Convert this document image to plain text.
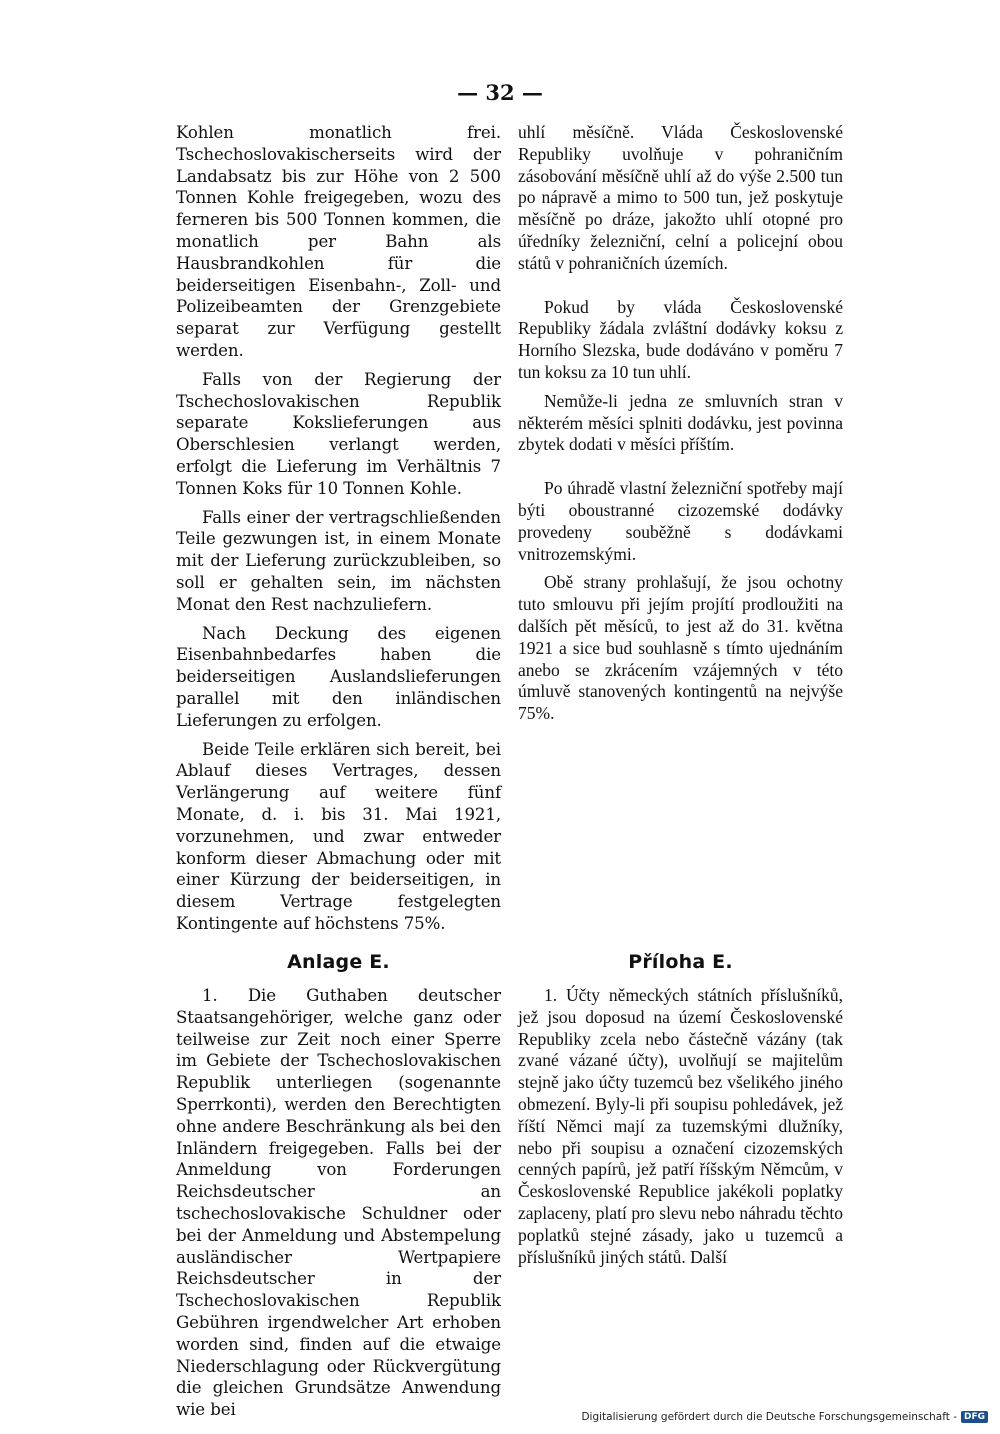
— 32 —

Kohlen monatlich frei. Tschechoslovakischerseits wird der Landabsatz bis zur Höhe von 2 500 Tonnen Kohle freigegeben, wozu des ferneren bis 500 Tonnen kommen, die monatlich per Bahn als Hausbrandkohlen für die beiderseitigen Eisenbahn-, Zoll- und Polizeibeamten der Grenzgebiete separat zur Verfügung gestellt werden.

Falls von der Regierung der Tschechoslovakischen Republik separate Kokslieferungen aus Oberschlesien verlangt werden, erfolgt die Lieferung im Verhältnis 7 Tonnen Koks für 10 Tonnen Kohle.

Falls einer der vertragschließenden Teile gezwungen ist, in einem Monate mit der Lieferung zurückzubleiben, so soll er gehalten sein, im nächsten Monat den Rest nachzuliefern.

Nach Deckung des eigenen Eisenbahnbedarfes haben die beiderseitigen Auslandslieferungen parallel mit den inländischen Lieferungen zu erfolgen.

Beide Teile erklären sich bereit, bei Ablauf dieses Vertrages, dessen Verlängerung auf weitere fünf Monate, d. i. bis 31. Mai 1921, vorzunehmen, und zwar entweder konform dieser Abmachung oder mit einer Kürzung der beiderseitigen, in diesem Vertrage festgelegten Kontingente auf höchstens 75%.

uhlí měsíčně. Vláda Československé Republiky uvolňuje v pohraničním zásobování měsíčně uhlí až do výše 2.500 tun po nápravě a mimo to 500 tun, jež poskytuje měsíčně po dráze, jakožto uhlí otopné pro úředníky železniční, celní a policejní obou států v pohraničních územích.

Pokud by vláda Československé Republiky žádala zvláštní dodávky koksu z Horního Slezska, bude dodáváno v poměru 7 tun koksu za 10 tun uhlí.

Nemůže-li jedna ze smluvních stran v některém měsíci splniti dodávku, jest povinna zbytek dodati v měsíci příštím.

Po úhradě vlastní železniční spotřeby mají býti oboustranné cizozemské dodávky provedeny souběžně s dodávkami vnitrozemskými.

Obě strany prohlašují, že jsou ochotny tuto smlouvu při jejím projítí prodloužiti na dalších pět měsíců, to jest až do 31. května 1921 a sice bud souhlasně s tímto ujednáním anebo se zkrácením vzájemných v této úmluvě stanovených kontingentů na nejvýše 75%.

Anlage E.	Příloha E.

1. Die Guthaben deutscher Staatsangehöriger, welche ganz oder teilweise zur Zeit noch einer Sperre im Gebiete der Tschechoslovakischen Republik unterliegen (sogenannte Sperrkonti), werden den Berechtigten ohne andere Beschränkung als bei den Inländern freigegeben. Falls bei der Anmeldung von Forderungen Reichsdeutscher an tschechoslovakische Schuldner oder bei der Anmeldung und Abstempelung ausländischer Wertpapiere Reichsdeutscher in der Tschechoslovakischen Republik Gebühren irgendwelcher Art erhoben worden sind, finden auf die etwaige Niederschlagung oder Rückvergütung die gleichen Grundsätze Anwendung wie bei

1. Účty německých státních příslušníků, jež jsou doposud na území Československé Republiky zcela nebo částečně vázány (tak zvané vázané účty), uvolňují se majitelům stejně jako účty tuzemců bez všelikého jiného obmezení. Byly-li při soupisu pohledávek, jež říští Němci mají za tuzemskými dlužníky, nebo při soupisu a označení cizozemských cenných papírů, jež patří říšským Němcům, v Československé Republice jakékoli poplatky zaplaceny, platí pro slevu nebo náhradu těchto poplatků stejné zásady, jako u tuzemců a příslušníků jiných států. Další

Digitalisierung gefördert durch die Deutsche Forschungsgemeinschaft - DFG
